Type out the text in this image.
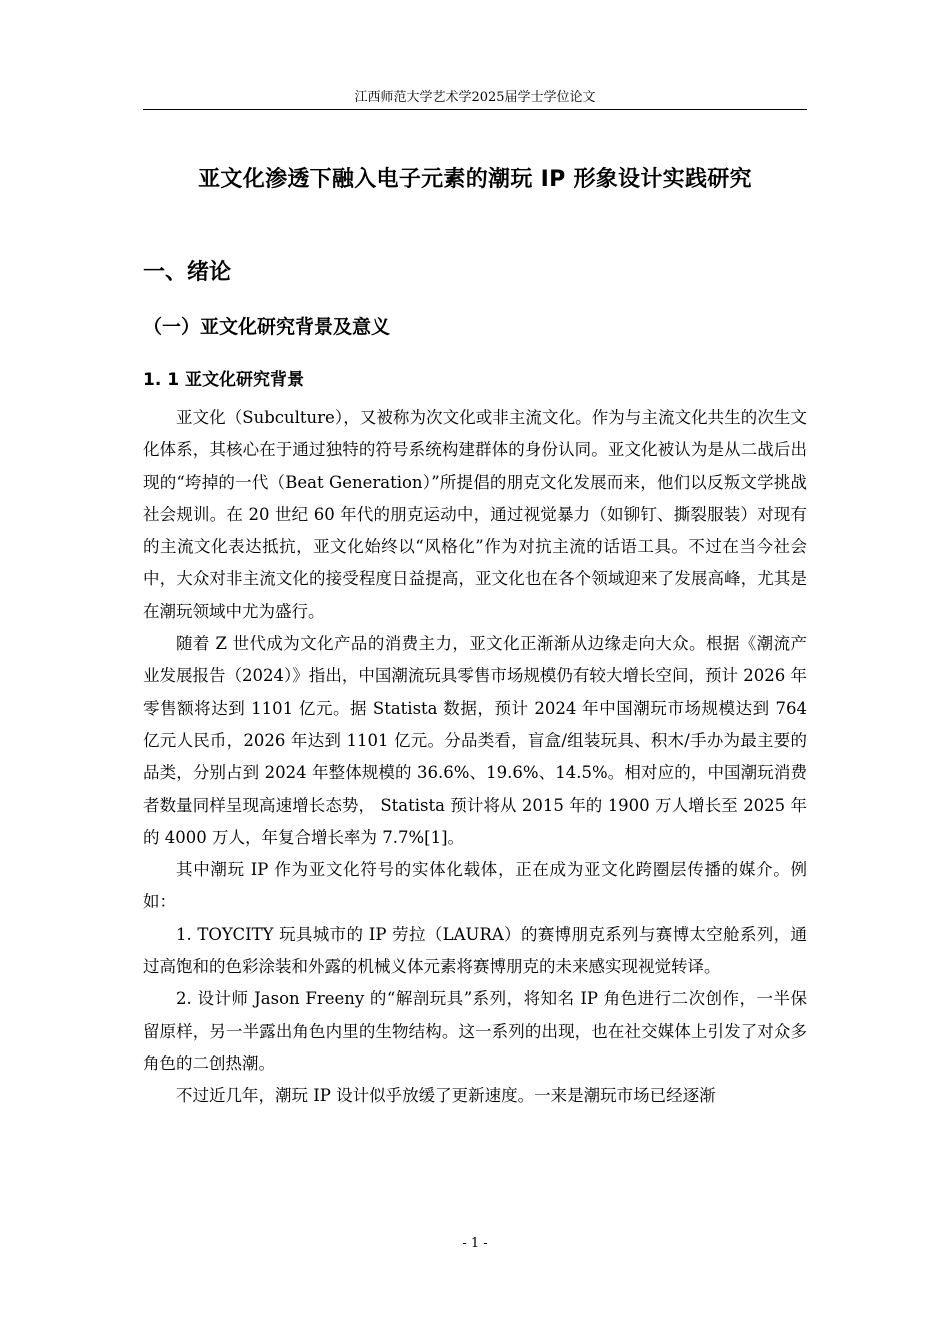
江西师范大学艺术学2025届学士学位论文
亚文化渗透下融入电子元素的潮玩 IP 形象设计实践研究
一、绪论
（一）亚文化研究背景及意义
1. 1 亚文化研究背景

亚文化（Subculture），又被称为次文化或非主流文化。作为与主流文化共生的次生文化体系，其核心在于通过独特的符号系统构建群体的身份认同。亚文化被认为是从二战后出现的“垮掉的一代（Beat Generation）”所提倡的朋克文化发展而来，他们以反叛文学挑战社会规训。在 20 世纪 60 年代的朋克运动中，通过视觉暴力（如铆钉、撕裂服装）对现有的主流文化表达抵抗，亚文化始终以“风格化”作为对抗主流的话语工具。不过在当今社会中，大众对非主流文化的接受程度日益提高，亚文化也在各个领域迎来了发展高峰，尤其是在潮玩领域中尤为盛行。

随着 Z 世代成为文化产品的消费主力，亚文化正渐渐从边缘走向大众。根据《潮流产业发展报告（2024）》指出，中国潮流玩具零售市场规模仍有较大增长空间，预计 2026 年零售额将达到 1101 亿元。据 Statista 数据，预计 2024 年中国潮玩市场规模达到 764 亿元人民币，2026 年达到 1101 亿元。分品类看，盲盒/组装玩具、积木/手办为最主要的品类，分别占到 2024 年整体规模的 36.6%、19.6%、14.5%。相对应的，中国潮玩消费者数量同样呈现高速增长态势， Statista 预计将从 2015 年的 1900 万人增长至 2025 年的 4000 万人，年复合增长率为 7.7%[1]。

其中潮玩 IP 作为亚文化符号的实体化载体，正在成为亚文化跨圈层传播的媒介。例如：

1. TOYCITY 玩具城市的 IP 劳拉（LAURA）的赛博朋克系列与赛博太空舱系列，通过高饱和的色彩涂装和外露的机械义体元素将赛博朋克的未来感实现视觉转译。

2. 设计师 Jason Freeny 的“解剖玩具”系列，将知名 IP 角色进行二次创作，一半保留原样，另一半露出角色内里的生物结构。这一系列的出现，也在社交媒体上引发了对众多角色的二创热潮。

不过近几年，潮玩 IP 设计似乎放缓了更新速度。一来是潮玩市场已经逐渐

- 1 -
